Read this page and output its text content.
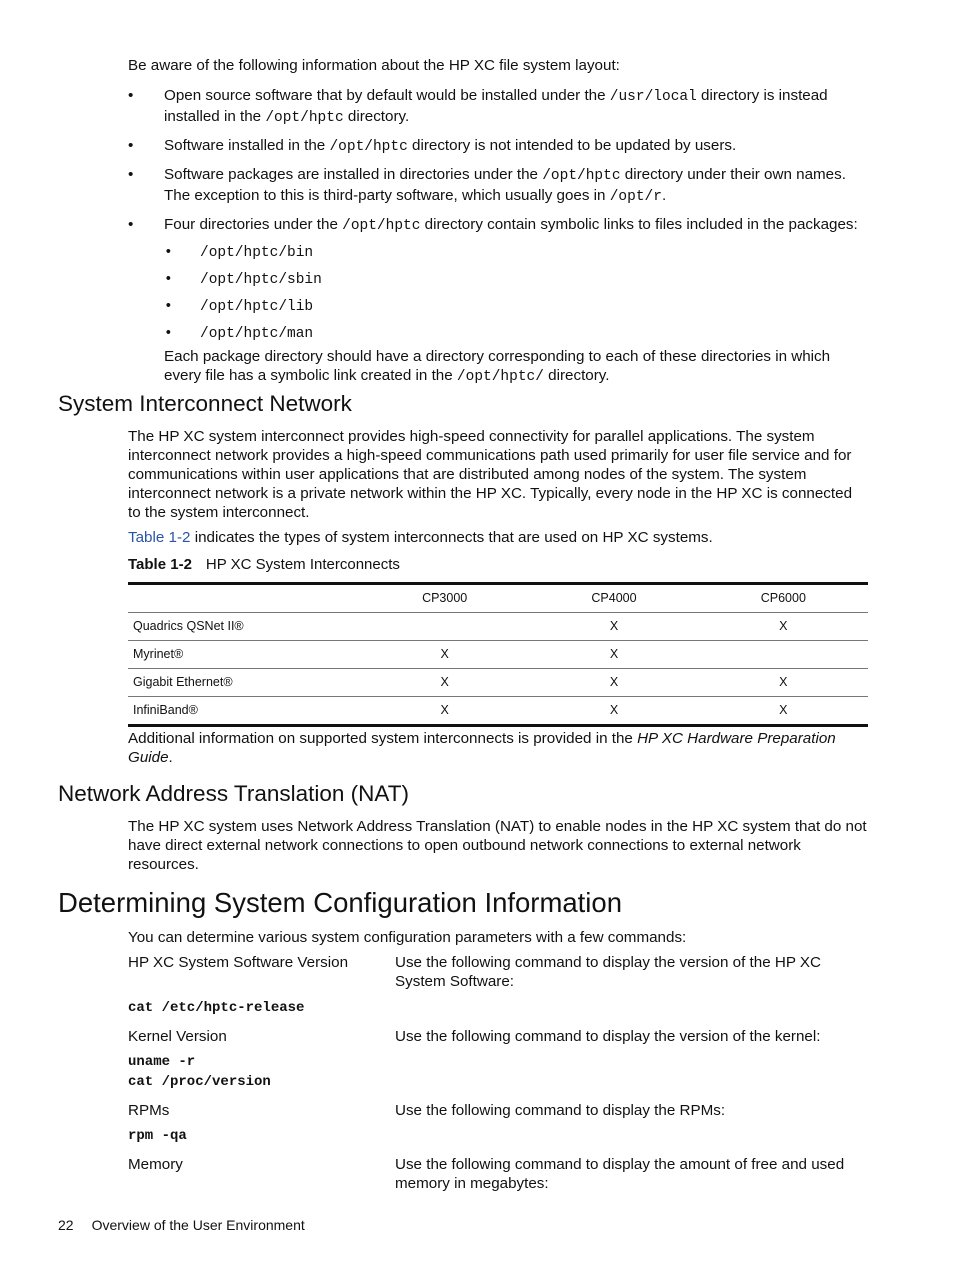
Be aware of the following information about the HP XC file system layout:

• Open source software that by default would be installed under the /usr/local directory is instead installed in the /opt/hptc directory.
• Software installed in the /opt/hptc directory is not intended to be updated by users.
• Software packages are installed in directories under the /opt/hptc directory under their own names. The exception to this is third-party software, which usually goes in /opt/r.
• Four directories under the /opt/hptc directory contain symbolic links to files included in the packages:
• /opt/hptc/bin
• /opt/hptc/sbin
• /opt/hptc/lib
• /opt/hptc/man

Each package directory should have a directory corresponding to each of these directories in which every file has a symbolic link created in the /opt/hptc/ directory.

System Interconnect Network

The HP XC system interconnect provides high-speed connectivity for parallel applications. The system interconnect network provides a high-speed communications path used primarily for user file service and for communications within user applications that are distributed among nodes of the system. The system interconnect network is a private network within the HP XC. Typically, every node in the HP XC is connected to the system interconnect.

Table 1-2 indicates the types of system interconnects that are used on HP XC systems.

Table 1-2 HP XC System Interconnects
	CP3000	CP4000	CP6000
Quadrics QSNet II®		X	X
Myrinet®	X	X	
Gigabit Ethernet®	X	X	X
InfiniBand®	X	X	X

Additional information on supported system interconnects is provided in the HP XC Hardware Preparation Guide.

Network Address Translation (NAT)

The HP XC system uses Network Address Translation (NAT) to enable nodes in the HP XC system that do not have direct external network connections to open outbound network connections to external network resources.

Determining System Configuration Information
You can determine various system configuration parameters with a few commands:
HP XC System Software Version	Use the following command to display the version of the HP XC System Software:
cat /etc/hptc-release
Kernel Version	Use the following command to display the version of the kernel:
uname -r
cat /proc/version
RPMs	Use the following command to display the RPMs:
rpm -qa
Memory	Use the following command to display the amount of free and used memory in megabytes:
22 Overview of the User Environment
